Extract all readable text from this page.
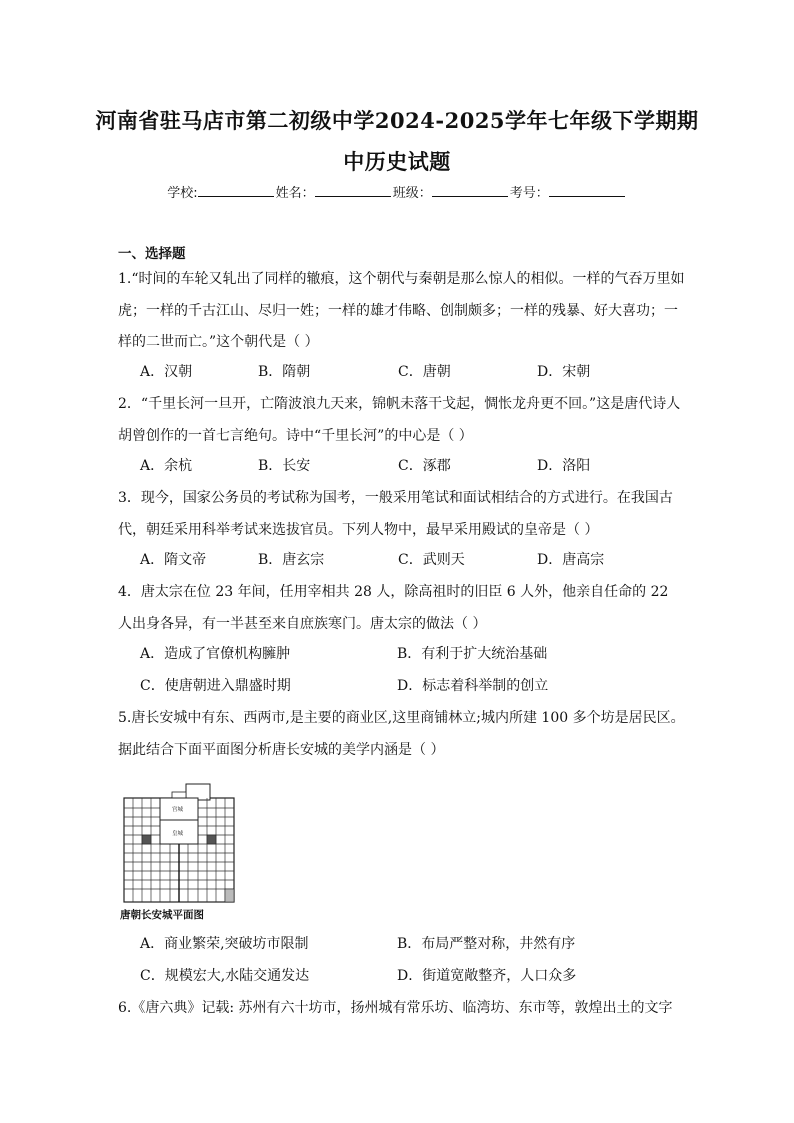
河南省驻马店市第二初级中学2024-2025学年七年级下学期期
中历史试题
学校:	姓名：	班级：	考号：
一、选择题
1.“时间的车轮又轧出了同样的辙痕，这个朝代与秦朝是那么惊人的相似。一样的气吞万里如虎；一样的千古江山、尽归一姓；一样的雄才伟略、创制颇多；一样的残暴、好大喜功；一样的二世而亡。”这个朝代是（ ）
A．汉朝	B．隋朝	C．唐朝	D．宋朝
2．“千里长河一旦开，亡隋波浪九天来，锦帆未落干戈起，惆怅龙舟更不回。”这是唐代诗人胡曾创作的一首七言绝句。诗中“千里长河”的中心是（ ）
A．余杭	B．长安	C．涿郡	D．洛阳
3．现今，国家公务员的考试称为国考，一般采用笔试和面试相结合的方式进行。在我国古代，朝廷采用科举考试来选拔官员。下列人物中，最早采用殿试的皇帝是（ ）
A．隋文帝	B．唐玄宗	C．武则天	D．唐高宗
4．唐太宗在位 23 年间，任用宰相共 28 人，除高祖时的旧臣 6 人外，他亲自任命的 22 人出身各异，有一半甚至来自庶族寒门。唐太宗的做法（ ）
A．造成了官僚机构臃肿	B．有利于扩大统治基础
C．使唐朝进入鼎盛时期	D．标志着科举制的创立
5.唐长安城中有东、西两市,是主要的商业区,这里商铺林立;城内所建 100 多个坊是居民区。据此结合下面平面图分析唐长安城的美学内涵是（ ）
宫城
皇城
唐朝长安城平面图
A．商业繁荣,突破坊市限制	B．布局严整对称，井然有序
C．规模宏大,水陆交通发达	D．街道宽敞整齐，人口众多
6.《唐六典》记载: 苏州有六十坊市，扬州城有常乐坊、临湾坊、东市等，敦煌出土的文字
